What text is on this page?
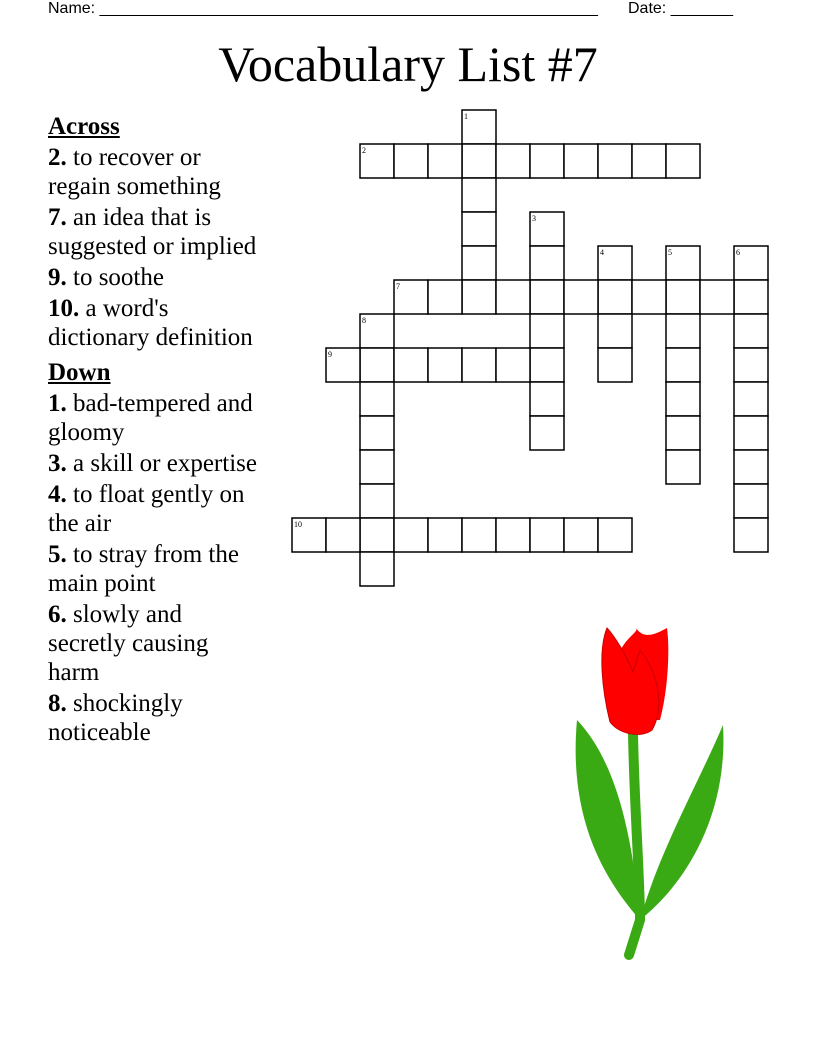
Name: ________________________________________________________ Date: _______
Vocabulary List #7
Across
2. to recover or regain something
7. an idea that is suggested or implied
9. to soothe
10. a word's dictionary definition
Down
1. bad-tempered and gloomy
3. a skill or expertise
4. to float gently on the air
5. to stray from the main point
6. slowly and secretly causing harm
8. shockingly noticeable
1
2
3
4	5	6
7
8
9
10
